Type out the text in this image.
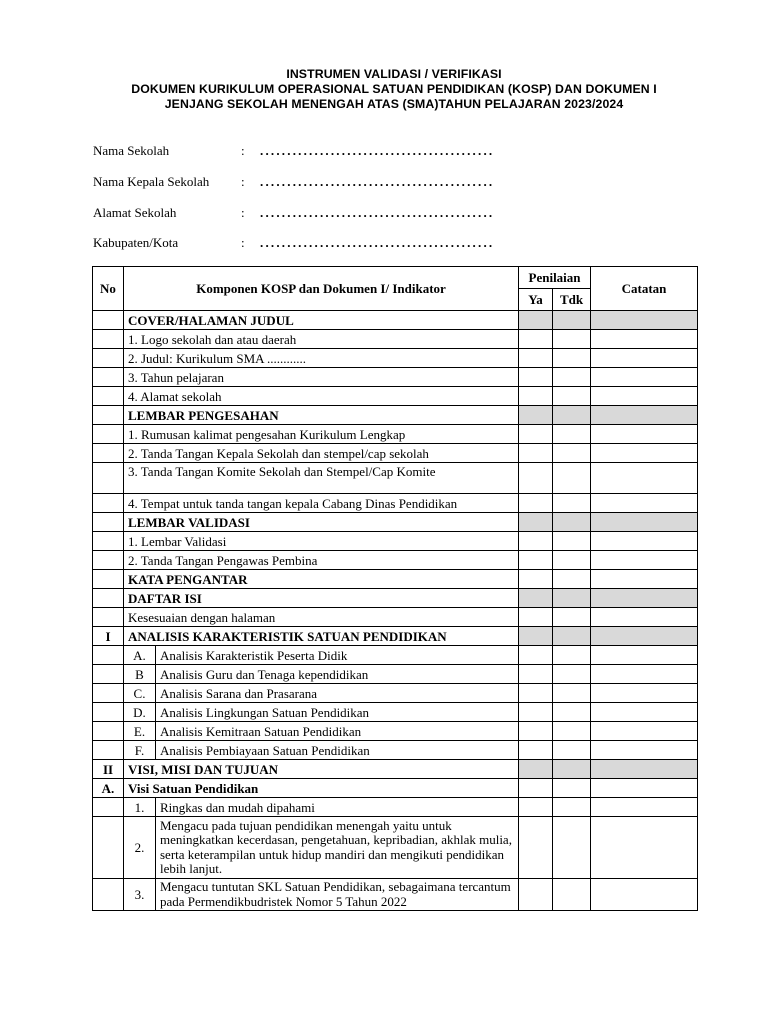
INSTRUMEN VALIDASI / VERIFIKASI
DOKUMEN KURIKULUM OPERASIONAL SATUAN PENDIDIKAN (KOSP) DAN DOKUMEN I
JENJANG SEKOLAH MENENGAH ATAS (SMA)TAHUN PELAJARAN 2023/2024
Nama Sekolah	: ...........................................
Nama Kepala Sekolah	: ...........................................
Alamat Sekolah	: ...........................................
Kabupaten/Kota	: ...........................................
No	Komponen KOSP dan Dokumen I/ Indikator		Penilaian		Catatan
			Ya	Tdk	
	COVER/HALAMAN JUDUL				
	1. Logo sekolah dan atau daerah				
	2. Judul: Kurikulum SMA ............				
	3. Tahun pelajaran				
	4. Alamat sekolah				
	LEMBAR PENGESAHAN				
	1. Rumusan kalimat pengesahan Kurikulum Lengkap				
	2. Tanda Tangan Kepala Sekolah dan stempel/cap sekolah				
	3. Tanda Tangan Komite Sekolah dan Stempel/Cap Komite				
	4. Tempat untuk tanda tangan kepala Cabang Dinas Pendidikan				
	LEMBAR VALIDASI				
	1. Lembar Validasi				
	2. Tanda Tangan Pengawas Pembina				
	KATA PENGANTAR				
	DAFTAR ISI				
	Kesesuaian dengan halaman				
I	ANALISIS KARAKTERISTIK SATUAN PENDIDIKAN				
	A.	Analisis Karakteristik Peserta Didik			
	B	Analisis Guru dan Tenaga kependidikan			
	C.	Analisis Sarana dan Prasarana			
	D.	Analisis Lingkungan Satuan Pendidikan			
	E.	Analisis Kemitraan Satuan Pendidikan			
	F.	Analisis Pembiayaan Satuan Pendidikan			
II	VISI, MISI DAN TUJUAN				
A.	Visi Satuan Pendidikan				
	1.	Ringkas dan mudah dipahami			
	2.	Mengacu pada tujuan pendidikan menengah yaitu untuk meningkatkan kecerdasan, pengetahuan, kepribadian, akhlak mulia, serta keterampilan untuk hidup mandiri dan mengikuti pendidikan lebih lanjut.			
	3.	Mengacu tuntutan SKL Satuan Pendidikan, sebagaimana tercantum pada Permendikbudristek Nomor 5 Tahun 2022			
